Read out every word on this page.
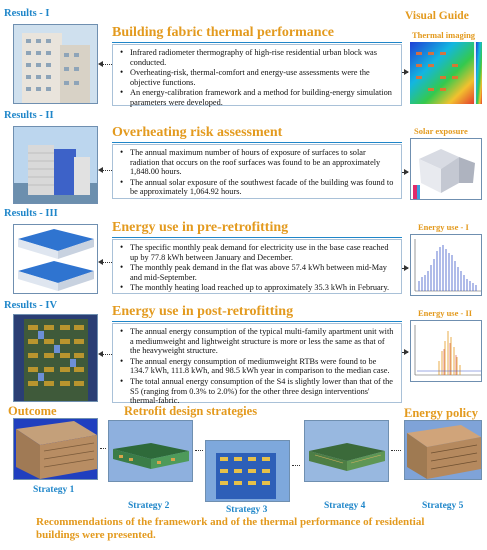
Visual Guide
Results - I
Building fabric thermal performance
• Infrared radiometer thermography of high-rise residential urban block was conducted.
• Overheating-risk, thermal-comfort and energy-use assessments were the objective functions.
• An energy-calibration framework and a method for building-energy simulation parameters were developed.
Thermal imaging
Results - II
Overheating risk assessment
• The annual maximum number of hours of exposure of surfaces to solar radiation that occurs on the roof surfaces was found to be an approximately 1,848.00 hours.
• The annual solar exposure of the southwest facade of the building was found to be approximately 1,064.92 hours.
Solar exposure
Results - III
Energy use in pre-retrofitting
• The specific monthly peak demand for electricity use in the base case reached up by 77.8 kWh between January and December.
• The monthly peak demand in the flat was above 57.4 kWh between mid-May and mid-September.
• The monthly heating load reached up to approximately 35.3 kWh in February.
Energy use - I
Results - IV	Energy use in post-retrofitting
• The annual energy consumption of the typical multi-family apartment unit with a mediumweight and lightweight structure is more or less the same as that of the heavyweight structure.
• The annual energy consumption of mediumweight RTBs were found to be 134.7 kWh, 111.8 kWh, and 98.5 kWh year in comparison to the median case.
• The total annual energy consumption of the S4 is slightly lower than that of the S5 (ranging from 0.3% to 2.0%) for the other three design interventions' thermal-fabric.
Energy use - II
Outcome	Retrofit design strategies	Energy policy
Strategy 1
Strategy 2	Strategy 3	Strategy 4	Strategy 5
Recommendations of the framework and of the thermal performance of residential buildings were presented.
